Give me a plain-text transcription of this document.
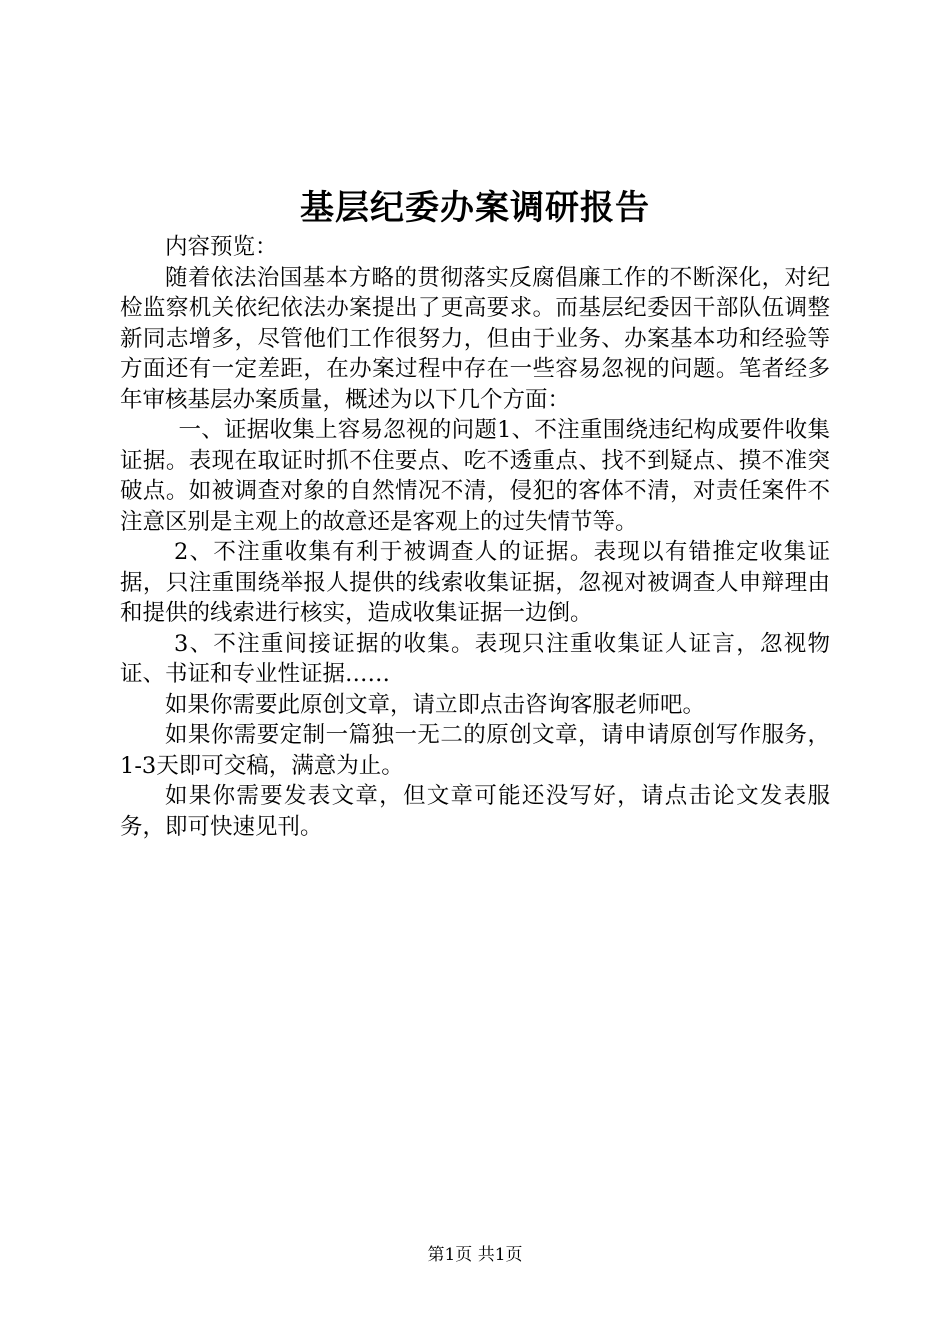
基层纪委办案调研报告

内容预览：

随着依法治国基本方略的贯彻落实反腐倡廉工作的不断深化，对纪检监察机关依纪依法办案提出了更高要求。而基层纪委因干部队伍调整新同志增多，尽管他们工作很努力，但由于业务、办案基本功和经验等方面还有一定差距，在办案过程中存在一些容易忽视的问题。笔者经多年审核基层办案质量，概述为以下几个方面：

一、证据收集上容易忽视的问题1、不注重围绕违纪构成要件收集证据。表现在取证时抓不住要点、吃不透重点、找不到疑点、摸不准突破点。如被调查对象的自然情况不清，侵犯的客体不清，对责任案件不注意区别是主观上的故意还是客观上的过失情节等。

2、不注重收集有利于被调查人的证据。表现以有错推定收集证据，只注重围绕举报人提供的线索收集证据，忽视对被调查人申辩理由和提供的线索进行核实，造成收集证据一边倒。

3、不注重间接证据的收集。表现只注重收集证人证言，忽视物证、书证和专业性证据……

如果你需要此原创文章，请立即点击咨询客服老师吧。

如果你需要定制一篇独一无二的原创文章，请申请原创写作服务，1-3天即可交稿，满意为止。

如果你需要发表文章，但文章可能还没写好，请点击论文发表服务，即可快速见刊。

第1页 共1页
